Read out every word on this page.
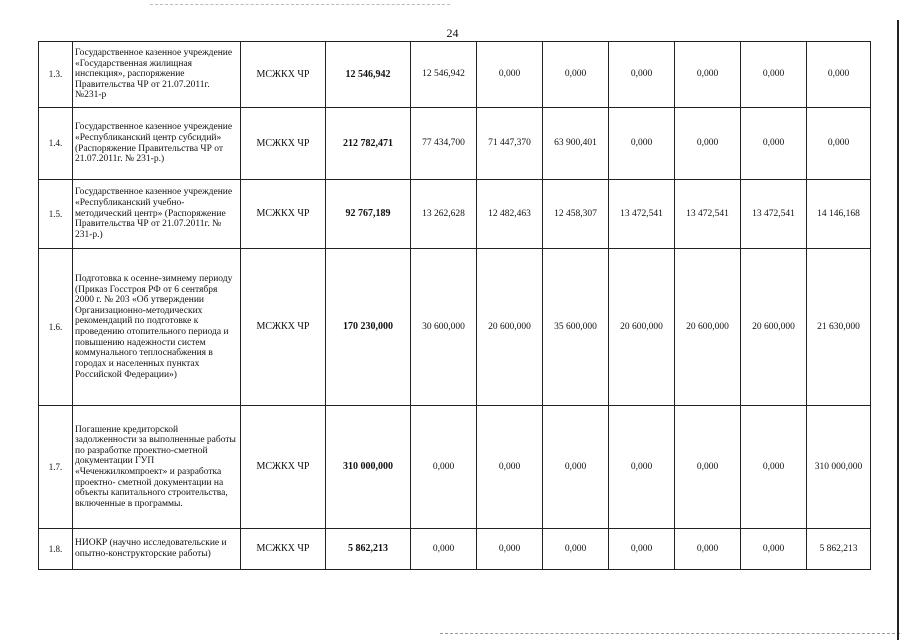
24
1.3.	Государственное казенное учреждение «Государственная жилищная инспекция», распоряжение Правительства ЧР от 21.07.2011г. №231-р	МСЖКХ ЧР	12 546,942	12 546,942	0,000	0,000	0,000	0,000	0,000	0,000
1.4.	Государственное казенное учреждение «Республиканский центр субсидий» (Распоряжение Правительства ЧР от 21.07.2011г. № 231-р.)	МСЖКХ ЧР	212 782,471	77 434,700	71 447,370	63 900,401	0,000	0,000	0,000	0,000
1.5.	Государственное казенное учреждение «Республиканский учебно-методический центр» (Распоряжение Правительства ЧР от 21.07.2011г. № 231-р.)	МСЖКХ ЧР	92 767,189	13 262,628	12 482,463	12 458,307	13 472,541	13 472,541	13 472,541	14 146,168
1.6.	Подготовка к осенне-зимнему периоду (Приказ Госстроя РФ от 6 сентября 2000 г. № 203 «Об утверждении Организационно-методических рекомендаций по подготовке к проведению отопительного периода и повышению надежности систем коммунального теплоснабжения в городах и населенных пунктах Российской Федерации»)	МСЖКХ ЧР	170 230,000	30 600,000	20 600,000	35 600,000	20 600,000	20 600,000	20 600,000	21 630,000
1.7.	Погашение кредиторской задолженности за выполненные работы по разработке проектно-сметной документации ГУП «Чеченжилкомпроект» и разработка проектно- сметной документации на объекты капитального строительства, включенные в программы.	МСЖКХ ЧР	310 000,000	0,000	0,000	0,000	0,000	0,000	0,000	310 000,000
1.8.	НИОКР (научно исследовательские и опытно-конструкторские работы)	МСЖКХ ЧР	5 862,213	0,000	0,000	0,000	0,000	0,000	0,000	5 862,213
